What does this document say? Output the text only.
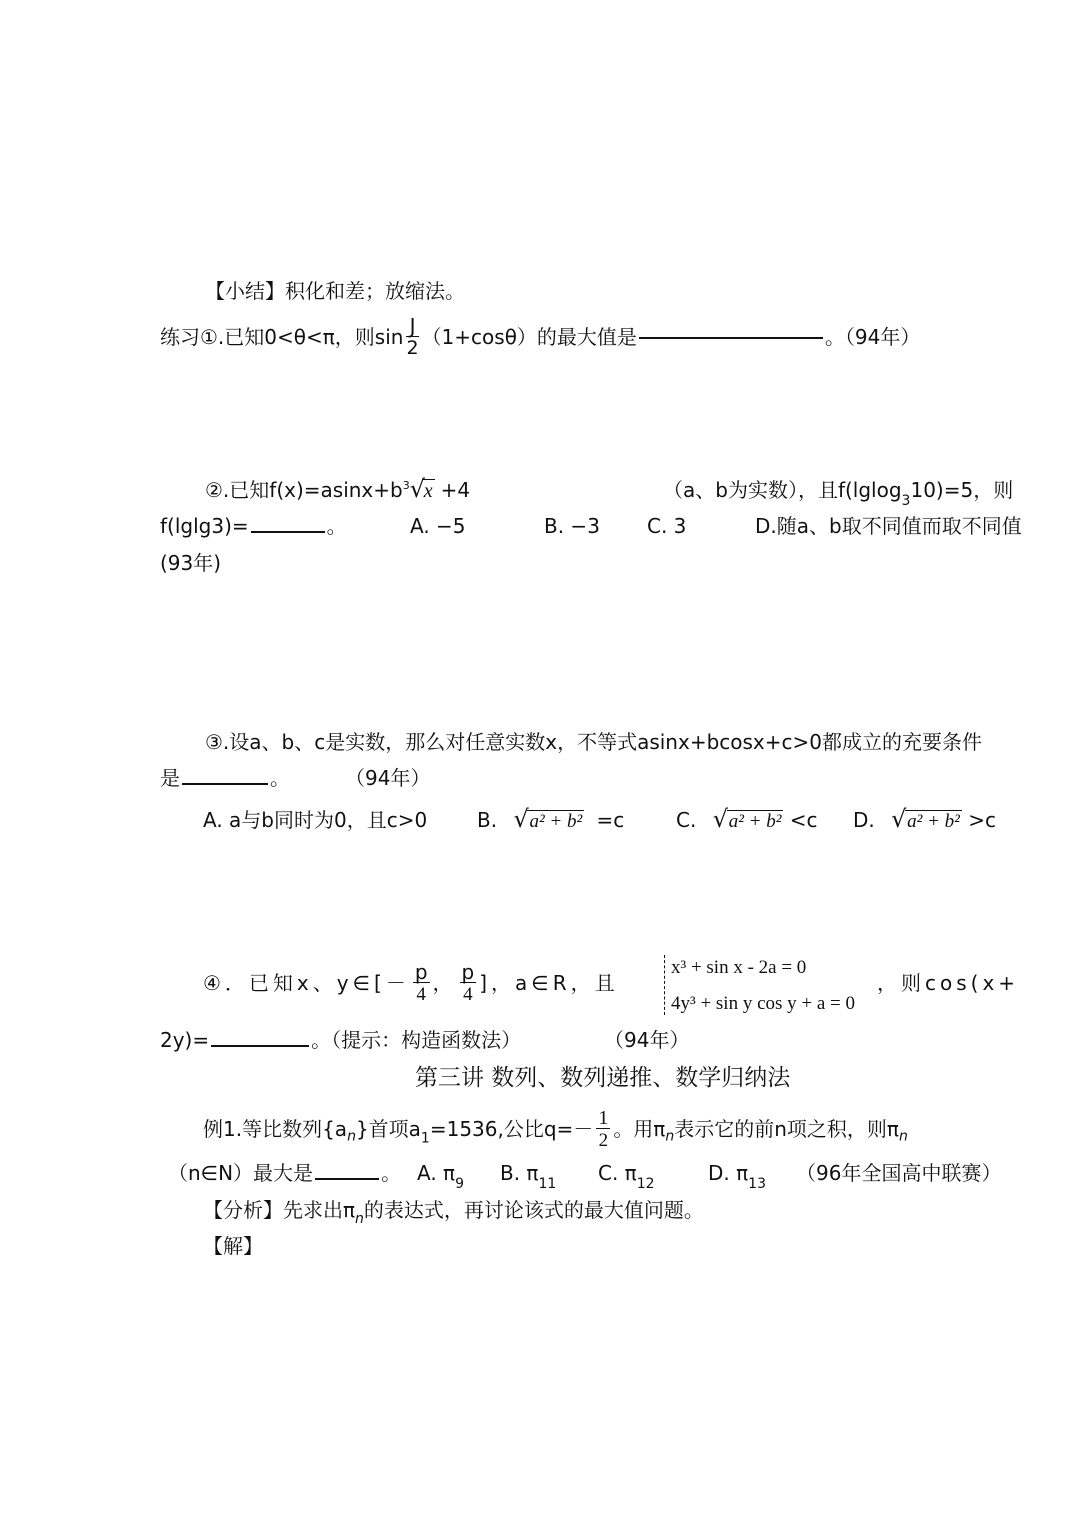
【小结】积化和差；放缩法。
练习①.已知0<θ<π，则$\sin \frac{J}{2} (1+\cos\theta)$的最大值是	。（94年）
②.已知$f(x)=asinx+b^3$ √
x +4	（a、b为实数），且f(lglog$_3$10)=5，则
f(lglg3)=	。	A. −5	B. −3 C. 3	D.随a、b取不同值而取不同值
(93年)
③.设a、b、c是实数，那么对任意实数x，不等式asinx+bcosx+c>0都成立的充要条件
是	。	（94年）
A. a与b同时为0，且c>0 B. √ a² + b² =c	C. √ a² + b² <c D. √ a² + b² >c
④．已知x、y∈[－ $\frac{p}{4}$ ， $\frac{p}{4}$ ]，a∈R，且
x³ + sin x - 2a = 0
4y³ + sin y cos y + a = 0
，则cos(x+
2y)=	。（提示：构造函数法）	（94年）
第三讲 数列、数列递推、数学归纳法
例1.等比数列$\{a_n\}$首项$a_1=1536$,公比$q=- \frac{1}{2}$ 。用$\pi_n$表示它的前n项之积，则$\pi_n$
（n∈N）最大是	。 A. $\pi_9$ B. $\pi_{11}$ C. $\pi_{12}$	D. $\pi_{13}$ （96年全国高中联赛）
【分析】先求出$\pi_n$的表达式，再讨论该式的最大值问题。
【解】
